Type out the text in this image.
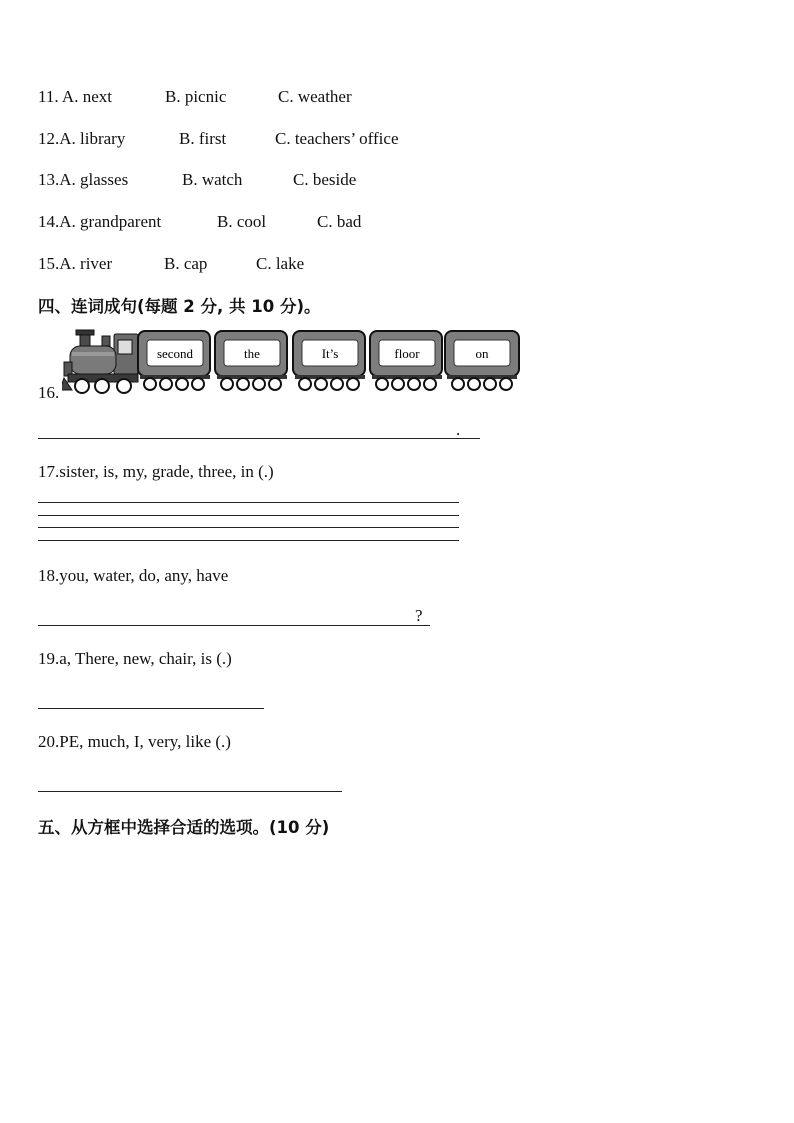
11. A. next	B. picnic	C. weather
12.A. library	B. first	C. teachers’ office
13.A. glasses	B. watch	C. beside
14.A. grandparent	B. cool	C. bad
15.A. river	B. cap	C. lake
四、连词成句(每题 2 分, 共 10 分)。
16.
second	the	It’s	floor	on
.
17.sister, is, my, grade, three, in (.)
18.you, water, do, any, have
?
19.a, There, new, chair, is (.)
20.PE, much, I, very, like (.)
五、从方框中选择合适的选项。(10 分)
